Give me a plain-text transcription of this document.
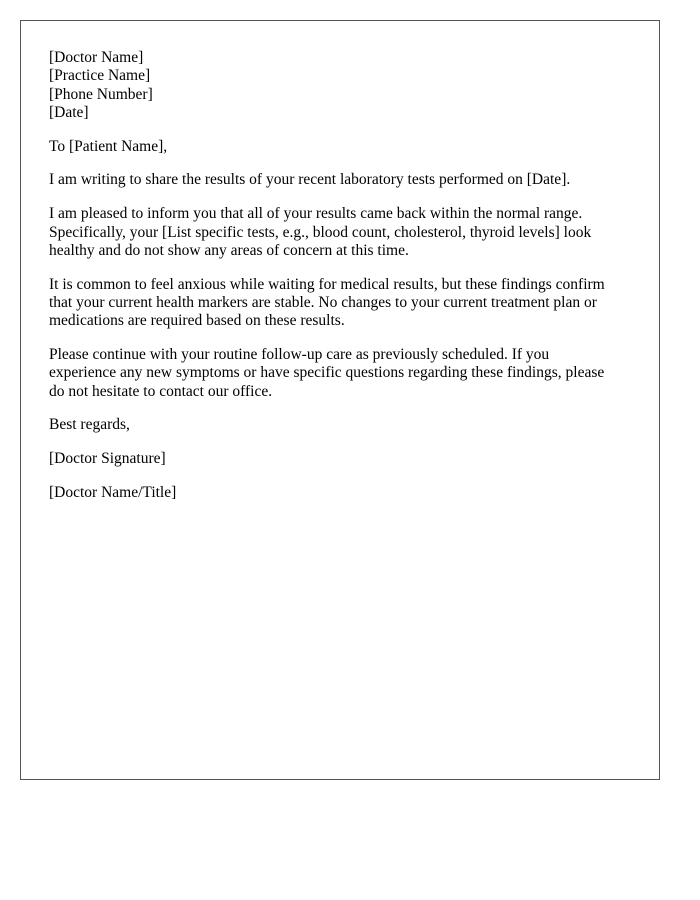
[Doctor Name]
[Practice Name]
[Phone Number]
[Date]
To [Patient Name],
I am writing to share the results of your recent laboratory tests performed on [Date].
I am pleased to inform you that all of your results came back within the normal range.
Specifically, your [List specific tests, e.g., blood count, cholesterol, thyroid levels] look
healthy and do not show any areas of concern at this time.
It is common to feel anxious while waiting for medical results, but these findings confirm
that your current health markers are stable. No changes to your current treatment plan or
medications are required based on these results.
Please continue with your routine follow-up care as previously scheduled. If you
experience any new symptoms or have specific questions regarding these findings, please
do not hesitate to contact our office.
Best regards,
[Doctor Signature]
[Doctor Name/Title]
